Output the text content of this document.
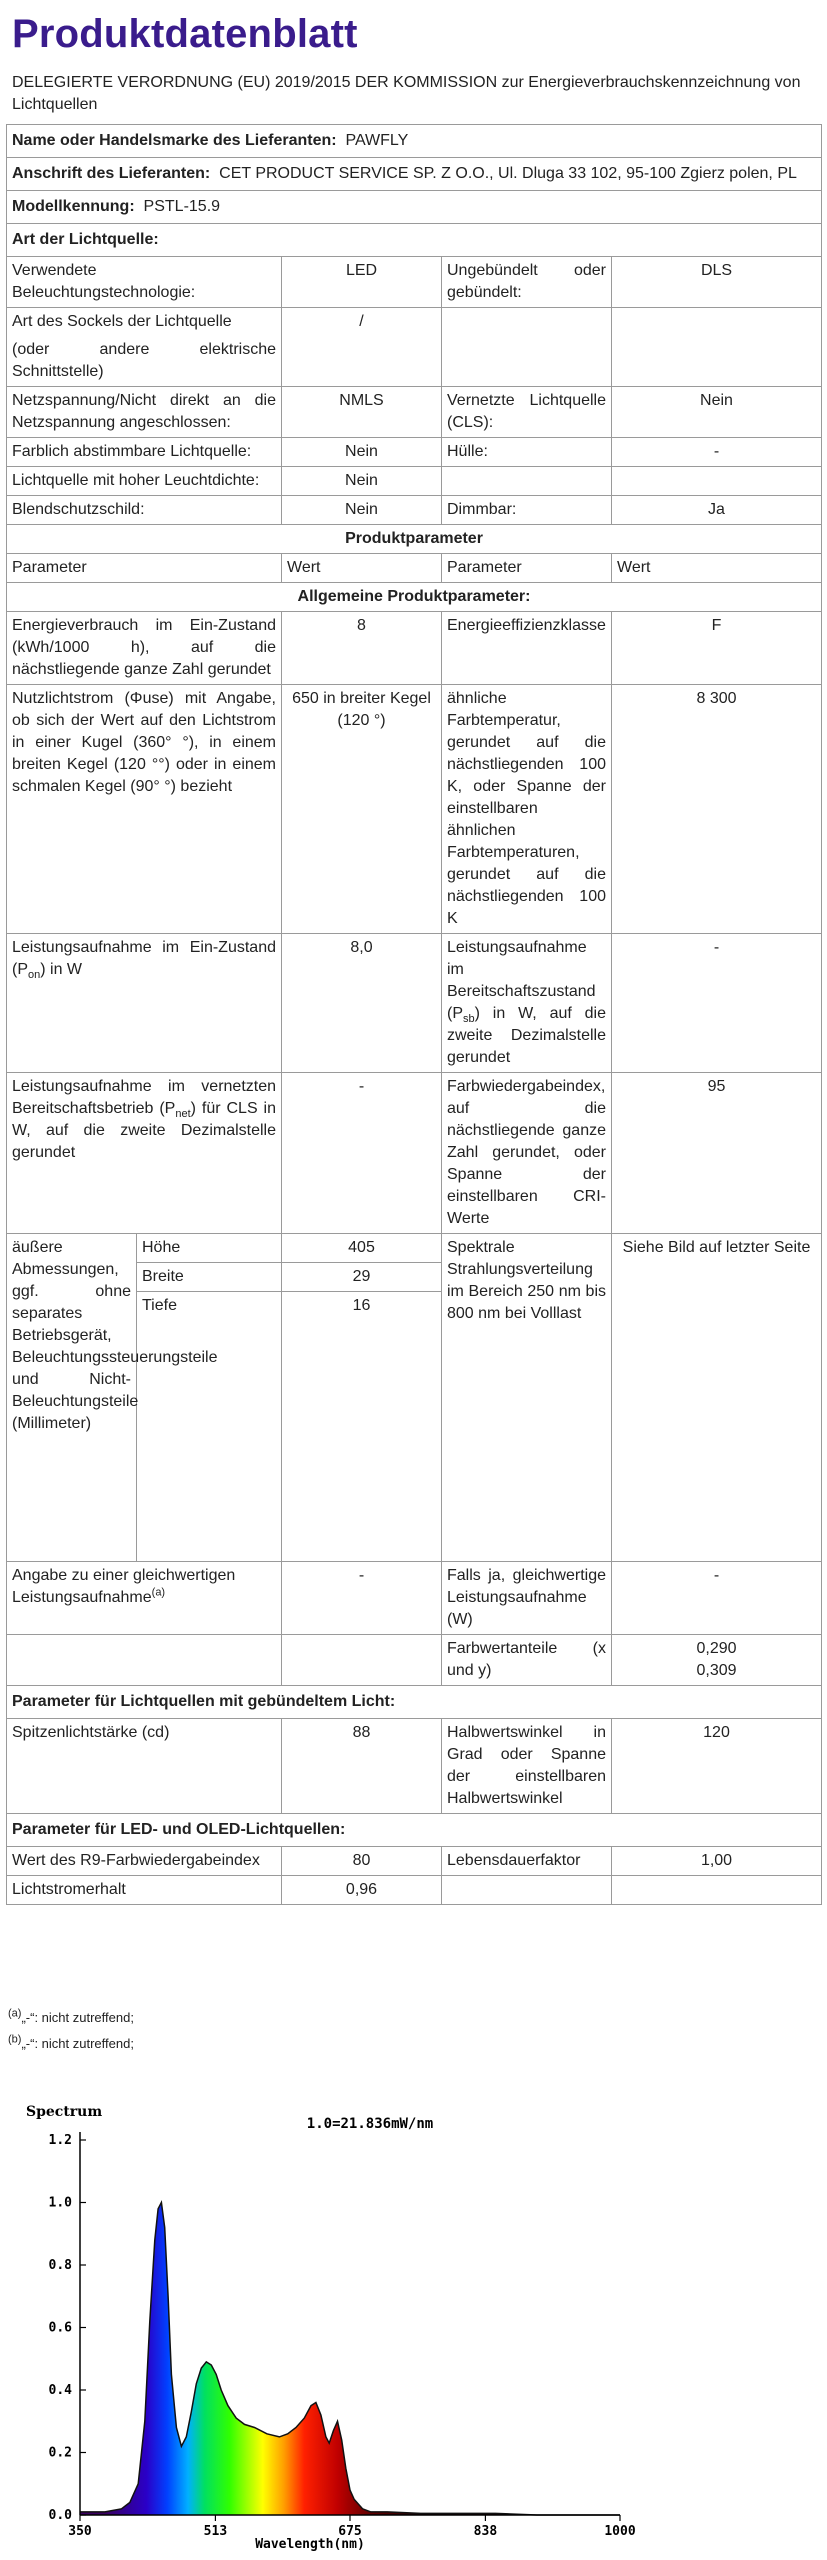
Produktdatenblatt
DELEGIERTE VERORDNUNG (EU) 2019/2015 DER KOMMISSION zur Energieverbrauchskennzeichnung von Lichtquellen
Name oder Handelsmarke des Lieferanten: PAWFLY				
Anschrift des Lieferanten: CET PRODUCT SERVICE SP. Z O.O., Ul. Dluga 33 102, 95-100 Zgierz polen, PL				
Modellkennung: PSTL-15.9				
Art der Lichtquelle:				
Verwendete Beleuchtungstechnologie:		LED	Ungebündelt oder gebündelt:	DLS

Art des Sockels der Lichtquelle
(oder andere elektrische Schnittstelle)		/		
Netzspannung/Nicht direkt an die Netzspannung angeschlossen:		NMLS	Vernetzte Lichtquelle (CLS):	Nein
Farblich abstimmbare Lichtquelle:		Nein	Hülle:	-
Lichtquelle mit hoher Leuchtdichte:		Nein		
Blendschutzschild:		Nein	Dimmbar:	Ja
Produktparameter				
Parameter		Wert	Parameter	Wert
Allgemeine Produktparameter:				
Energieverbrauch im Ein-Zustand (kWh/1000 h), auf die nächstliegende ganze Zahl gerundet		8	Energieeffizienzklasse	F
Nutzlichtstrom (Φuse) mit Angabe, ob sich der Wert auf den Lichtstrom in einer Kugel (360° °), in einem breiten Kegel (120 °°) oder in einem schmalen Kegel (90° °) bezieht		650 in breiter Kegel (120 °)	ähnliche Farbtemperatur, gerundet auf die nächstliegenden 100 K, oder Spanne der einstellbaren ähnlichen Farbtemperaturen, gerundet auf die nächstliegenden 100 K	8 300
Leistungsaufnahme im Ein-Zustand $(P_{on})$ in W		8,0	Leistungsaufnahme im Bereitschaftszustand $(P_{sb})$ in W, auf die zweite Dezimalstelle gerundet	-
Leistungsaufnahme im vernetzten Bereitschaftsbetrieb $(P_{net})$ für CLS in W, auf die zweite Dezimalstelle gerundet		-	Farbwiedergabeindex, auf die nächstliegende ganze Zahl gerundet, oder Spanne der einstellbaren CRI-Werte	95
äußere Abmessungen, ggf. ohne separates Betriebsgerät, Beleuchtungssteuerungsteile und Nicht-Beleuchtungsteile (Millimeter)	Höhe	405	Spektrale Strahlungsverteilung im Bereich 250 nm bis 800 nm bei Volllast	Siehe Bild auf letzter Seite
	Breite	29		
	Tiefe	16		
Angabe zu einer gleichwertigen Leistungsaufnahme$^{(a)}$		-	Falls ja, gleichwertige Leistungsaufnahme (W)	-
			Farbwertanteile (x und y)	0,290
0,309

Parameter für Lichtquellen mit gebündeltem Licht:				
Spitzenlichtstärke (cd)		88	Halbwertswinkel in Grad oder Spanne der einstellbaren Halbwertswinkel	120
Parameter für LED- und OLED-Lichtquellen:				
Wert des R9-Farbwiedergabeindex		80	Lebensdauerfaktor	1,00
Lichtstromerhalt		0,96		
$^{(a)}$„-“: nicht zutreffend;
$^{(b)}$„-“: nicht zutreffend;
Spectrum
1.0=21.836mW/nm
0.0
0.2
0.4
0.6
0.8
1.0
1.2
350	513	675	838	1000
Wavelength(nm)
